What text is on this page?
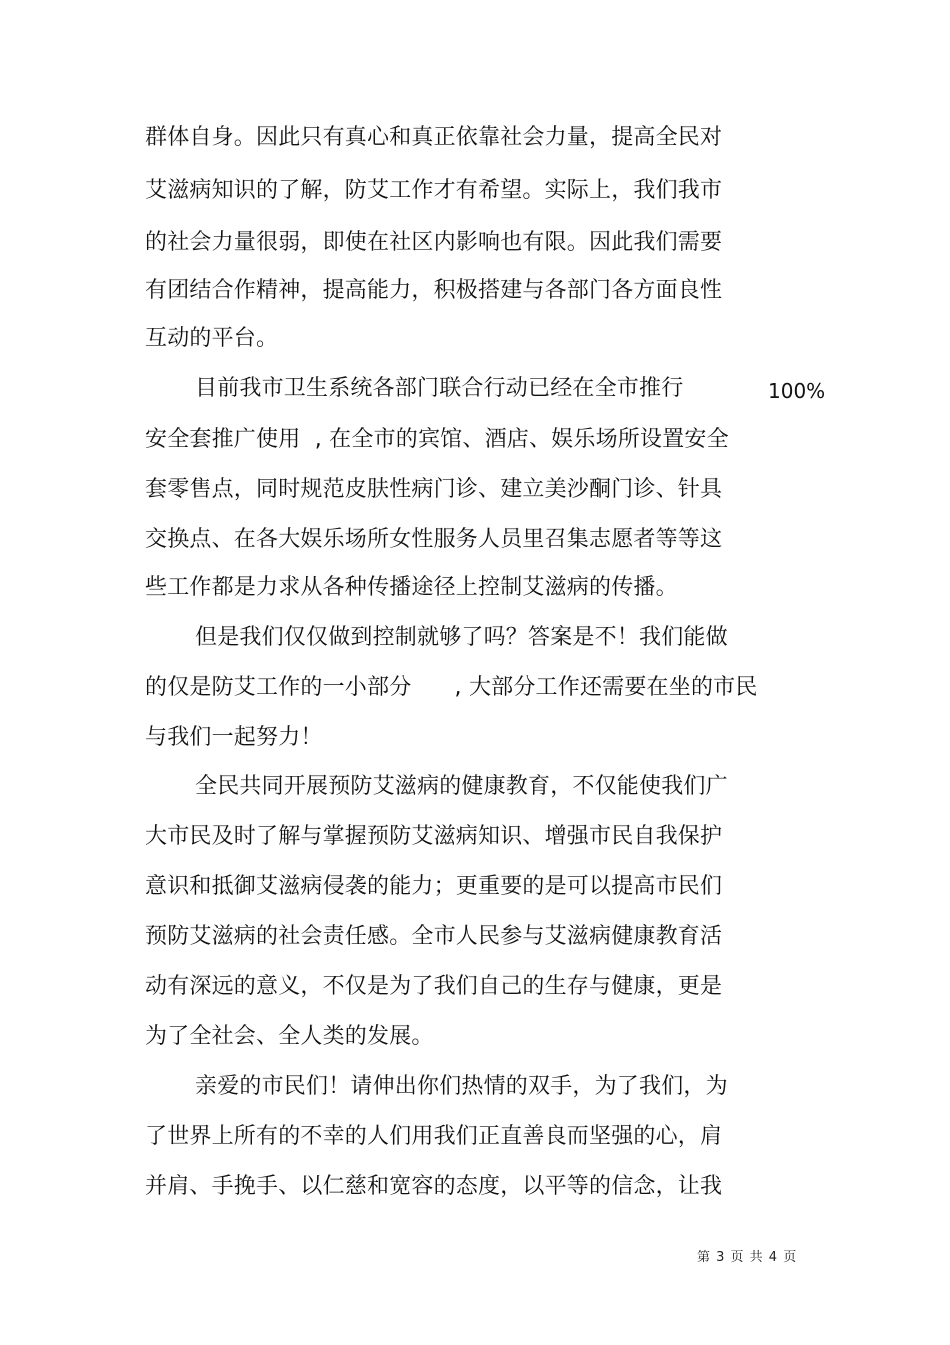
群体自身。因此只有真心和真正依靠社会力量，提高全民对
艾滋病知识的了解，防艾工作才有希望。实际上，我们我市
的社会力量很弱，即使在社区内影响也有限。因此我们需要
有团结合作精神，提高能力，积极搭建与各部门各方面良性
互动的平台。
目前我市卫生系统各部门联合行动已经在全市推行	100%
安全套推广使用  , 在全市的宾馆、酒店、娱乐场所设置安全
套零售点，同时规范皮肤性病门诊、建立美沙酮门诊、针具
交换点、在各大娱乐场所女性服务人员里召集志愿者等等这
些工作都是力求从各种传播途径上控制艾滋病的传播。
但是我们仅仅做到控制就够了吗？答案是不！我们能做
的仅是防艾工作的一小部分      , 大部分工作还需要在坐的市民
与我们一起努力！
全民共同开展预防艾滋病的健康教育，不仅能使我们广
大市民及时了解与掌握预防艾滋病知识、增强市民自我保护
意识和抵御艾滋病侵袭的能力；更重要的是可以提高市民们
预防艾滋病的社会责任感。全市人民参与艾滋病健康教育活
动有深远的意义，不仅是为了我们自己的生存与健康，更是
为了全社会、全人类的发展。
亲爱的市民们！请伸出你们热情的双手，为了我们，为
了世界上所有的不幸的人们用我们正直善良而坚强的心，肩
并肩、手挽手、以仁慈和宽容的态度，以平等的信念，让我
第 3 页 共 4 页
